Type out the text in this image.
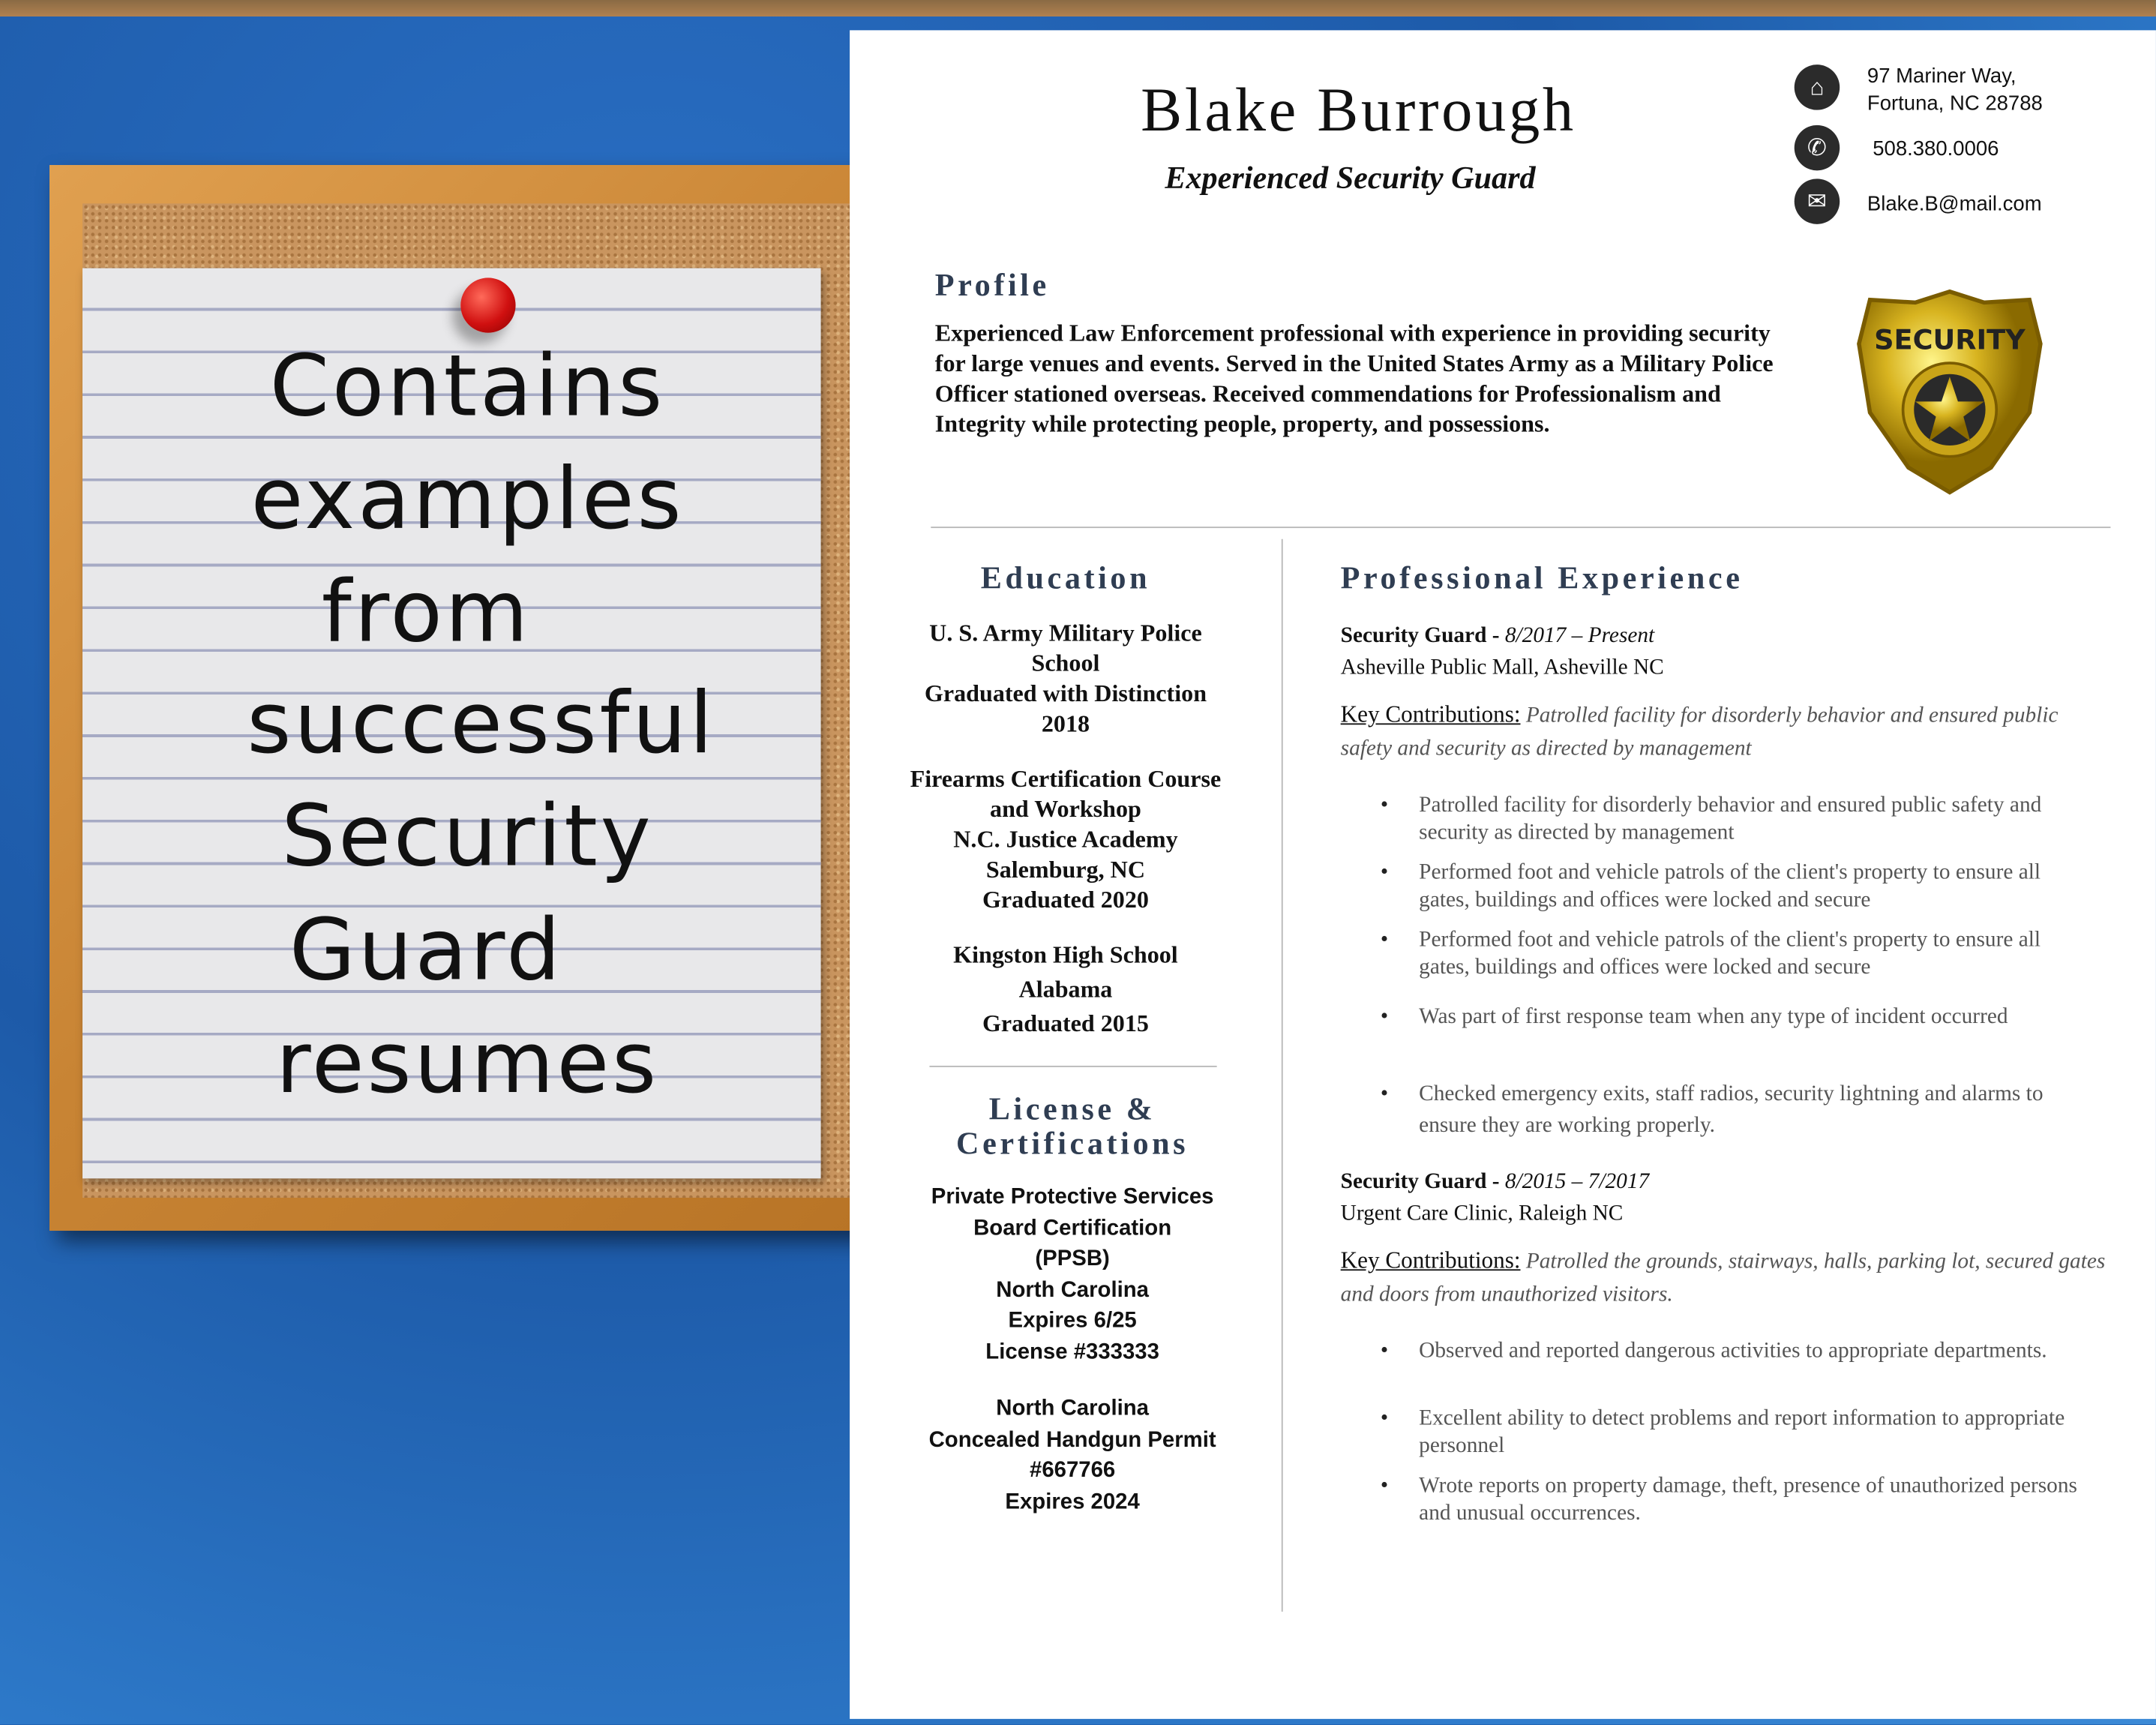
Contains
examples
from
successful
Security
Guard
resumes
Blake Burrough
Experienced Security Guard
⌂	97 Mariner Way,
Fortuna, NC 28788
✆	508.380.0006
✉	Blake.B@mail.com
SECURITY
Profile
Experienced Law Enforcement professional with experience in providing security for large venues and events. Served in the United States Army as a Military Police Officer stationed overseas. Received commendations for Professionalism and Integrity while protecting people, property, and possessions.
Education
U. S. Army Military Police School
Graduated with Distinction
2018
Firearms Certification Course and Workshop
N.C. Justice Academy
Salemburg, NC
Graduated 2020
Kingston High School
Alabama
Graduated 2015
License & Certifications
Private Protective Services Board Certification
(PPSB)
North Carolina
Expires 6/25
License #333333
North Carolina
Concealed Handgun Permit
#667766
Expires 2024
Professional Experience
Security Guard - 8/2017 – Present
Asheville Public Mall, Asheville NC
Key Contributions: Patrolled facility for disorderly behavior and ensured public safety and security as directed by management
• Patrolled facility for disorderly behavior and ensured public safety and security as directed by management
• Performed foot and vehicle patrols of the client's property to ensure all gates, buildings and offices were locked and secure
• Performed foot and vehicle patrols of the client's property to ensure all gates, buildings and offices were locked and secure
• Was part of first response team when any type of incident occurred
• Checked emergency exits, staff radios, security lightning and alarms to ensure they are working properly.
Security Guard - 8/2015 – 7/2017
Urgent Care Clinic, Raleigh NC
Key Contributions: Patrolled the grounds, stairways, halls, parking lot, secured gates and doors from unauthorized visitors.
• Observed and reported dangerous activities to appropriate departments.
• Excellent ability to detect problems and report information to appropriate personnel
• Wrote reports on property damage, theft, presence of unauthorized persons and unusual occurrences.
